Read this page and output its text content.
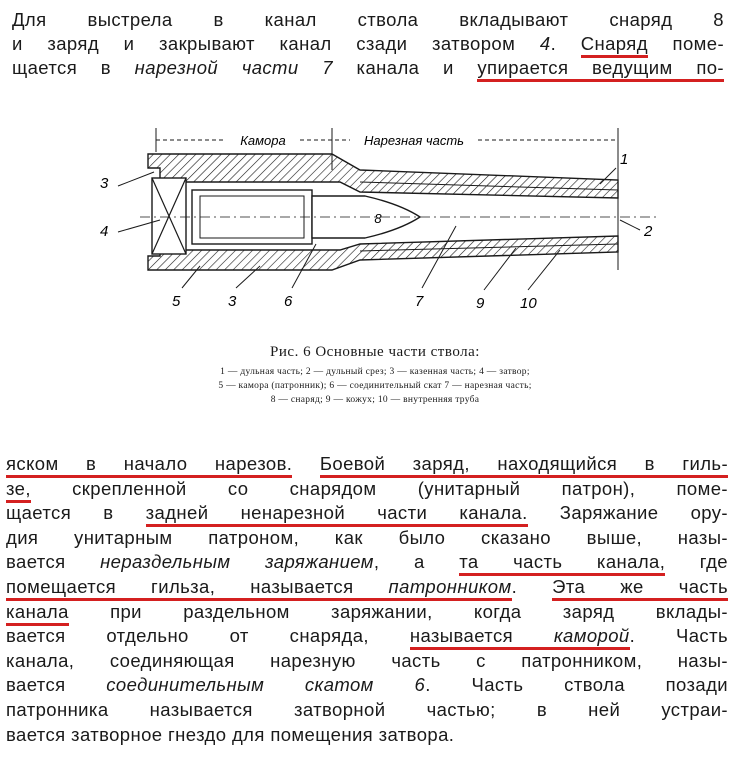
Для выстрела в канал ствола вкладывают снаряд 8
и заряд и закрывают канал сзади затвором 4. Снаряд поме-
щается в нарезной части 7 канала и упирается ведущим по-

Камора	Нарезная часть
8
1
2
3
4
5	3	6	7	9 10
Рис. 6 Основные части ствола:
1 — дульная часть; 2 — дульный срез; 3 — казенная часть; 4 — затвор;
5 — камора (патронник); 6 — соединительный скат 7 — нарезная часть;
8 — снаряд; 9 — кожух; 10 — внутренняя труба

яском в начало нарезов. Боевой заряд, находящийся в гиль-
зе, скрепленной со снарядом (унитарный патрон), поме-
щается в задней ненарезной части канала. Заряжание ору-
дия унитарным патроном, как было сказано выше, назы-
вается нераздельным заряжанием, а та часть канала, где
помещается гильза, называется патронником. Эта же часть
канала при раздельном заряжании, когда заряд вклады-
вается отдельно от снаряда, называется каморой. Часть
канала, соединяющая нарезную часть с патронником, назы-
вается соединительным скатом 6. Часть ствола позади
патронника называется затворной частью; в ней устраи-
вается затворное гнездо для помещения затвора.
